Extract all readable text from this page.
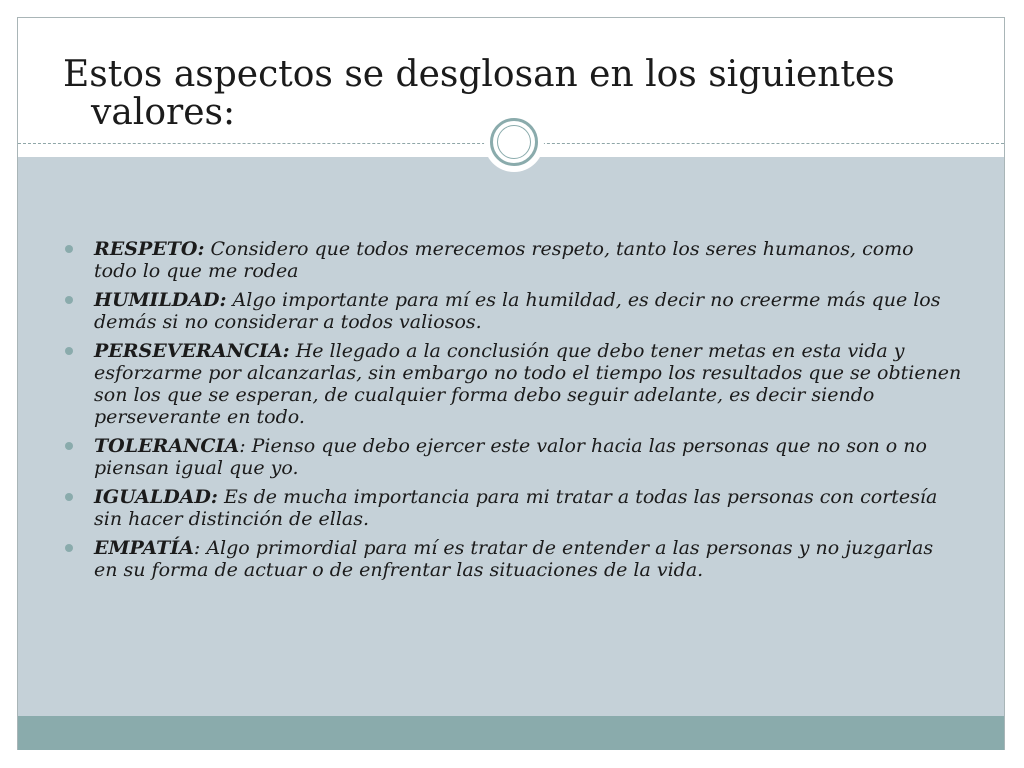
Estos aspectos se desglosan en los siguientes valores:
RESPETO: Considero que todos merecemos respeto, tanto los seres humanos, como todo lo que me rodea
HUMILDAD: Algo importante para mí es la humildad, es decir no creerme más que los demás si no considerar a todos valiosos.
PERSEVERANCIA: He llegado a la conclusión que debo tener metas en esta vida y esforzarme por alcanzarlas, sin embargo no todo el tiempo los resultados que se obtienen son los que se esperan, de cualquier forma debo seguir adelante, es decir siendo perseverante en todo.
TOLERANCIA: Pienso que debo ejercer este valor hacia las personas que no son o no piensan igual que yo.
IGUALDAD: Es de mucha importancia para mi tratar a todas las personas con cortesía sin hacer distinción de ellas.
EMPATÍA: Algo primordial para mí es tratar de entender a las personas y no juzgarlas en su forma de actuar o de enfrentar las situaciones de la vida.
